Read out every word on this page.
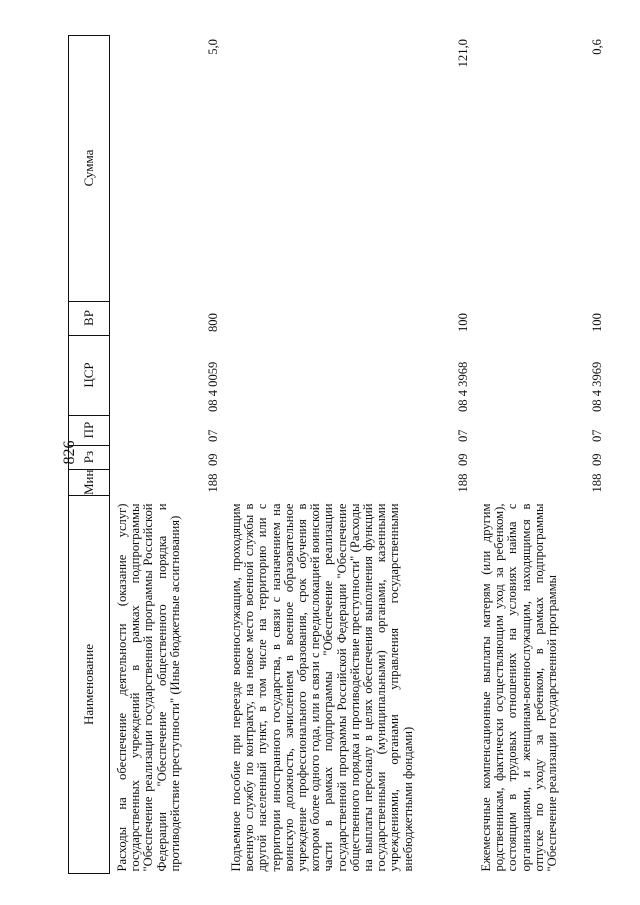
826
Наименование	Мин	Рз	ПР	ЦСР	ВР	Сумма
Расходы на обеспечение деятельности (оказание услуг) государственных учреждений в рамках подпрограммы "Обеспечение реализации государственной программы Российской Федерации "Обеспечение общественного порядка и противодействие преступности" (Иные бюджетные ассигнования)	188	09	07	08 4 0059	800	5,0
Подъемное пособие при переезде военнослужащим, проходящим военную службу по контракту, на новое место военной службы в другой населенный пункт, в том числе на территорию или с территории иностранного государства, в связи с назначением на воинскую должность, зачислением в военное образовательное учреждение профессионального образования, срок обучения в котором более одного года, или в связи с передислокацией воинской части в рамках подпрограммы "Обеспечение реализации государственной программы Российской Федерации "Обеспечение общественного порядка и противодействие преступности" (Расходы на выплаты персоналу в целях обеспечения выполнения функций государственными (муниципальными) органами, казенными учреждениями, органами управления государственными внебюджетными фондами)	188	09	07	08 4 3968	100	121,0
Ежемесячные компенсационные выплаты матерям (или другим родственникам, фактически осуществляющим уход за ребенком), состоящим в трудовых отношениях на условиях найма с организациями, и женщинам-военнослужащим, находящимся в отпуске по уходу за ребенком, в рамках подпрограммы "Обеспечение реализации государственной программы	188	09	07	08 4 3969	100	0,6
